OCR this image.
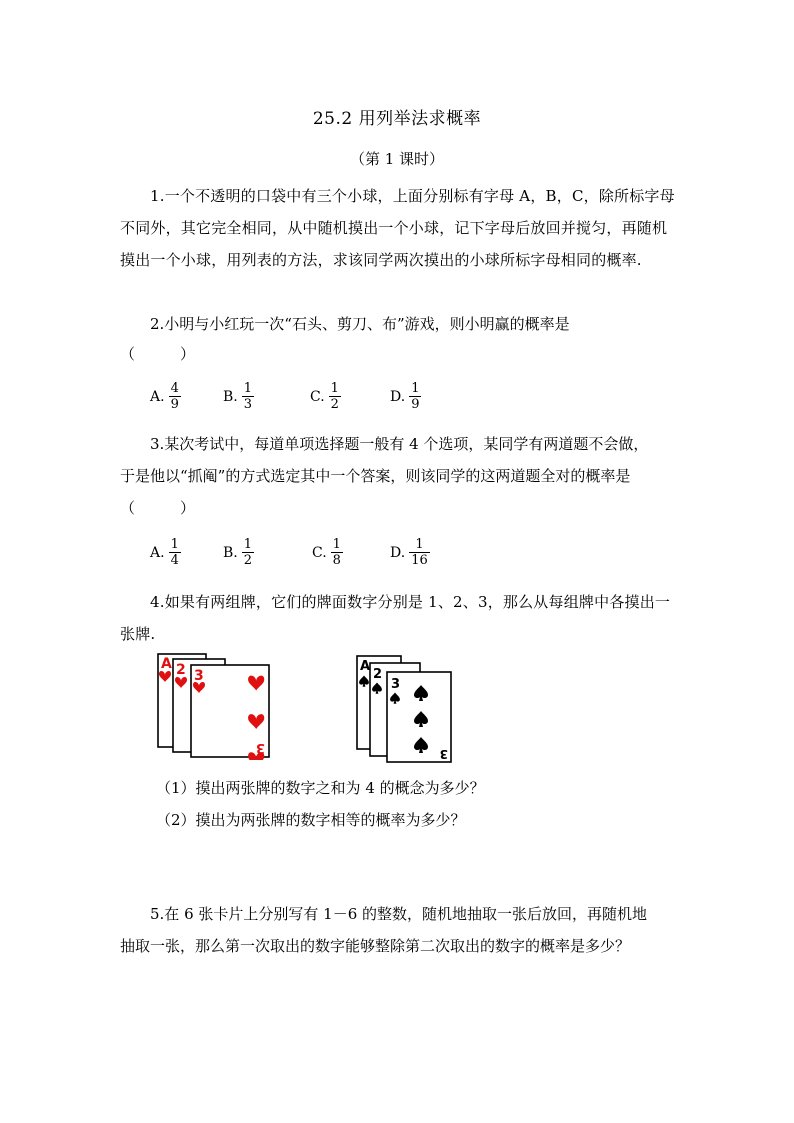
25.2 用列举法求概率
（第 1 课时）

1.一个不透明的口袋中有三个小球，上面分别标有字母 A，B，C，除所标字母不同外，其它完全相同，从中随机摸出一个小球，记下字母后放回并搅匀，再随机摸出一个小球，用列表的方法，求该同学两次摸出的小球所标字母相同的概率.

2.小明与小红玩一次“石头、剪刀、布”游戏，则小明赢的概率是
（　　　）
A. $\frac{4}{9}$	B. $\frac{1}{3}$	C. $\frac{1}{2}$	D. $\frac{1}{9}$
3.某次考试中，每道单项选择题一般有 4 个选项，某同学有两道题不会做，
于是他以“抓阄”的方式选定其中一个答案，则该同学的这两道题全对的概率是
（　　　）
A. $\frac{1}{4}$	B. $\frac{1}{2}$	C. $\frac{1}{8}$	D. $\frac{1}{16}$

4.如果有两组牌，它们的牌面数字分别是 1、2、3，那么从每组牌中各摸出一张牌.

A 2 3
3
A
2
3
3
（1）摸出两张牌的数字之和为 4 的概念为多少？
（2）摸出为两张牌的数字相等的概率为多少？
5.在 6 张卡片上分别写有 1－6 的整数，随机地抽取一张后放回，再随机地
抽取一张，那么第一次取出的数字能够整除第二次取出的数字的概率是多少？
